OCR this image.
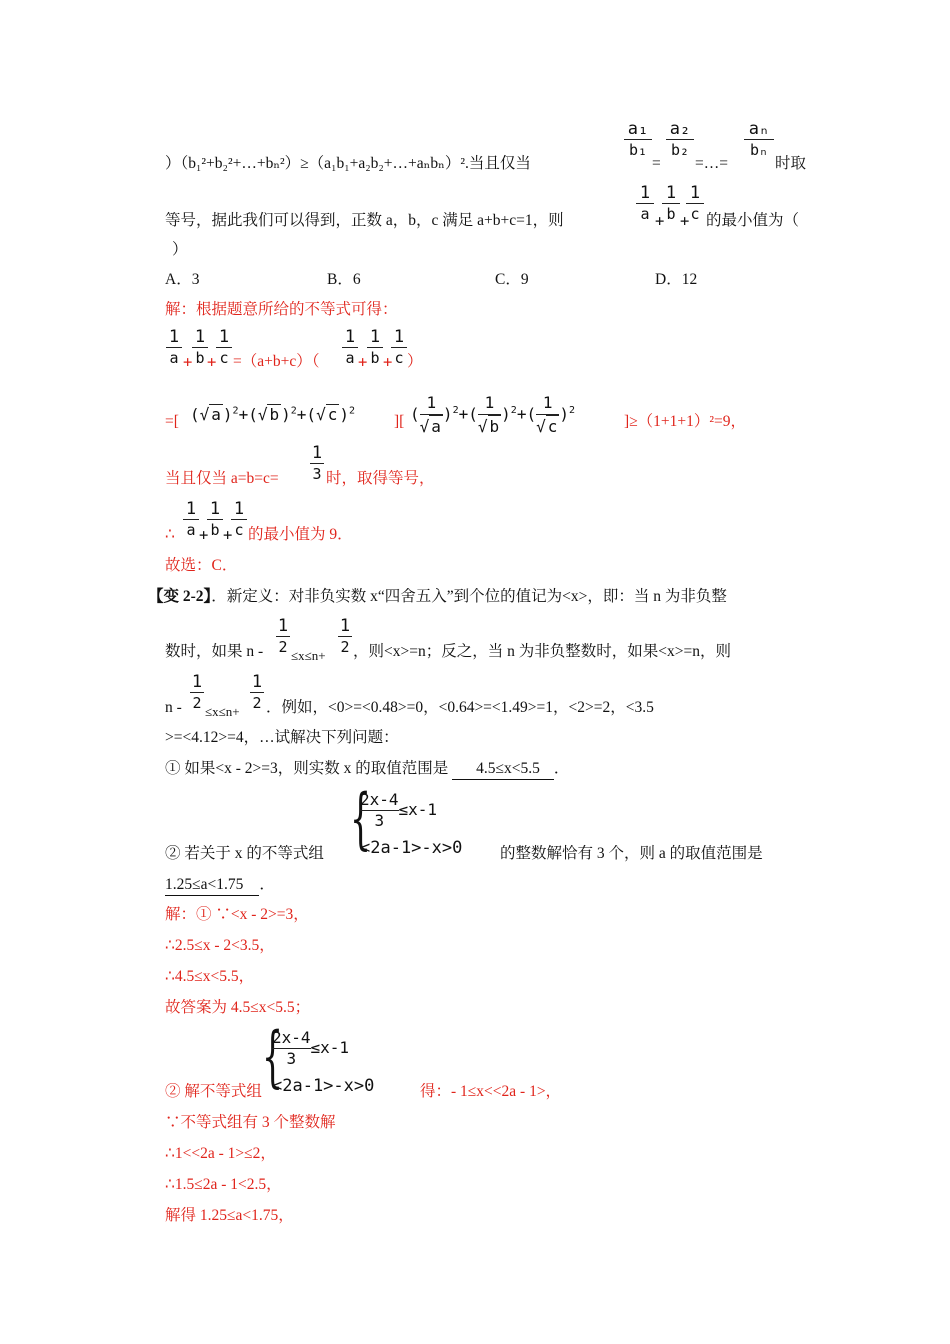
a₁
b₁
a₂
b₂
aₙ
bₙ
）（b₁²+b₂²+…+bₙ²）≥（a₁b₁+a₂b₂+…+aₙbₙ）².当且仅当	= =…=	时取
等号，据此我们可以得到，正数 a，b，c 满足 a+b+c=1，则
1
a +
1
b +
1
c 的最小值为（
）
A．3	B．6	C．9	D．12
解：根据题意所给的不等式可得：
1
a +
1
b +
1
c =（a+b+c）（
1
a +
1
b +
1
c ）
=[ (√ a )$^2$+(√ b )$^2$+(√ c )$^2$
][ ( $\frac{1}{√ a} )^2+( \frac{1}{√ b} )^2+( \frac{1}{√ c} )^2$
]≥（1+1+1）²=9，
当且仅当 a=b=c=
1
3 时，取得等号，
∴
1
a +
1
b +
1
c 的最小值为 9．
故选：C．
【变 2-2】．新定义：对非负实数 x“四舍五入”到个位的值记为<x>，即：当 n 为非负整
数时，如果 n -
1
2 ≤x≤n+
1
2 ，则<x>=n；反之，当 n 为非负整数时，如果<x>=n，则
n -
1
2 ≤x≤n+
1
2 ．例如，<0>=<0.48>=0，<0.64>=<1.49>=1，<2>=2，<3.5
>=<4.12>=4，…试解决下列问题：
① 如果<x - 2>=3，则实数 x 的取值范围是 4.5≤x<5.5 ．
{
$\frac{2x-4}{3} \le x-1$
<2a-1>-x>0
② 若关于 x 的不等式组	的整数解恰有 3 个，则 a 的取值范围是
1.25≤a<1.75 ．
解：① ∵<x - 2>=3，
∴2.5≤x - 2<3.5，
∴4.5≤x<5.5，
故答案为 4.5≤x<5.5；
{
$\frac{2x-4}{3} \le x-1$
<2a-1>-x>0
② 解不等式组	得：- 1≤x<<2a - 1>，
∵不等式组有 3 个整数解
∴1<<2a - 1>≤2，
∴1.5≤2a - 1<2.5，
解得 1.25≤a<1.75，
